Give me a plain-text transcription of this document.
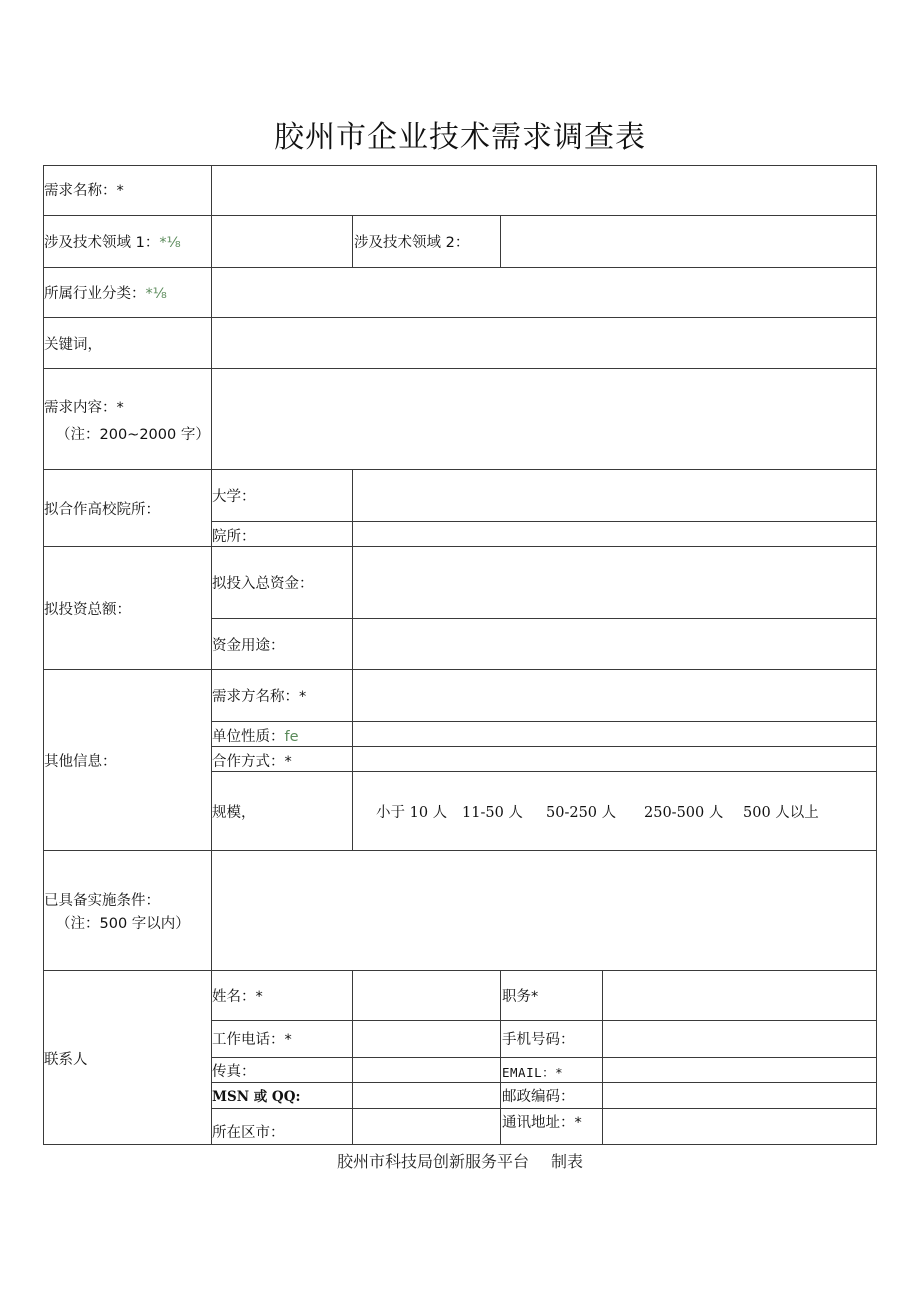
胶州市企业技术需求调查表
需求名称：*
涉及技术领域 1：*⅛	涉及技术领域 2：
所属行业分类：*⅛
关键词，
需求内容：*
（注：200~2000 字）
拟合作高校院所：
大学：
院所：
拟投资总额：
拟投入总资金：
资金用途：
其他信息：
需求方名称：*
单位性质：fe
合作方式：*
规模，	小于 10 人 11-50 人 50-250 人 250-500 人 500 人以上
已具备实施条件：
（注：500 字以内）
联系人
姓名：*	职务*
工作电话：*	手机号码：
传真：	EMAIL：*
MSN 或 QQ:	邮政编码：
所在区市：
通讯地址：*
胶州市科技局创新服务平台 制表
